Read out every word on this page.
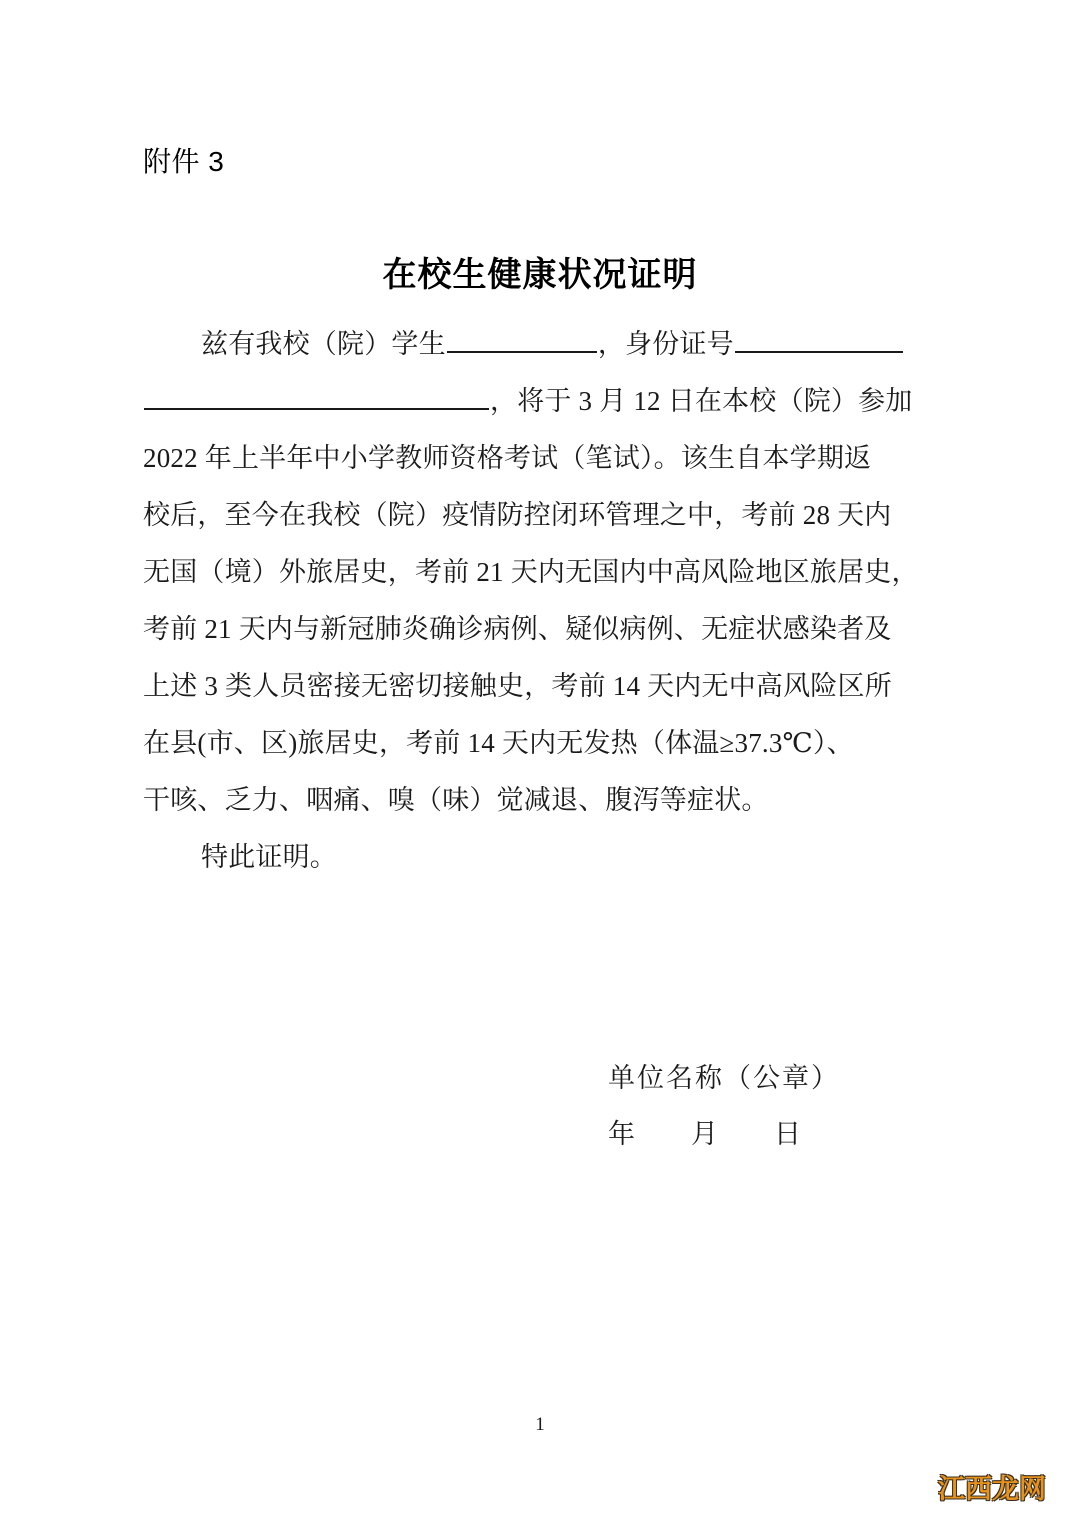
附件 3
在校生健康状况证明
兹有我校（院）学生	，身份证号
，将于 3 月 12 日在本校（院）参加
2022 年上半年中小学教师资格考试（笔试）。该生自本学期返
校后，至今在我校（院）疫情防控闭环管理之中，考前 28 天内
无国（境）外旅居史，考前 21 天内无国内中高风险地区旅居史，
考前 21 天内与新冠肺炎确诊病例、疑似病例、无症状感染者及
上述 3 类人员密接无密切接触史，考前 14 天内无中高风险区所
在县(市、区)旅居史，考前 14 天内无发热（体温≥37.3℃）、
干咳、乏力、咽痛、嗅（味）觉减退、腹泻等症状。
特此证明。
单位名称（公章）
年 月 日
1
江西龙网
